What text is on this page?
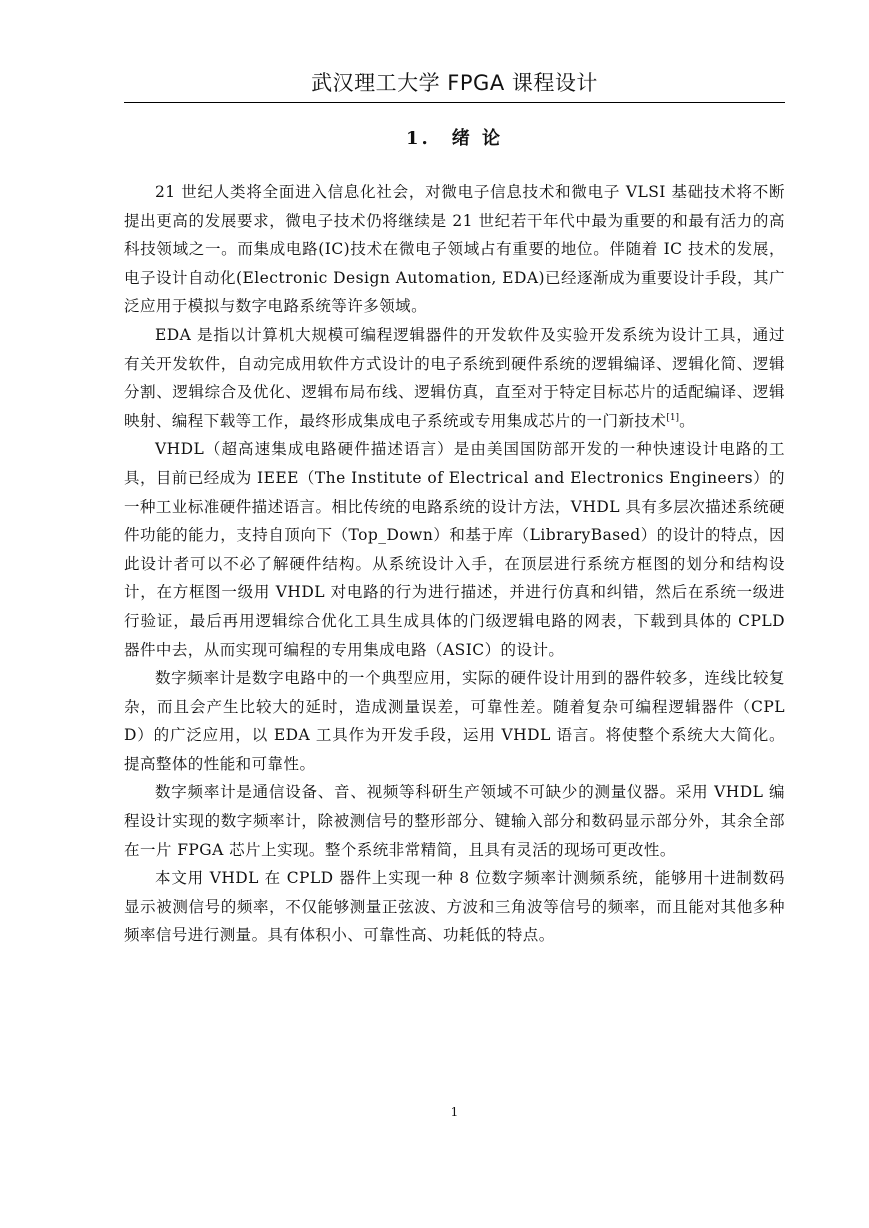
武汉理工大学 FPGA 课程设计
1.　绪 论

21 世纪人类将全面进入信息化社会，对微电子信息技术和微电子 VLSI 基础技术将不断提出更高的发展要求，微电子技术仍将继续是 21 世纪若干年代中最为重要的和最有活力的高科技领域之一。而集成电路(IC)技术在微电子领域占有重要的地位。伴随着 IC 技术的发展，电子设计自动化(Electronic Design Automation, EDA)已经逐渐成为重要设计手段，其广泛应用于模拟与数字电路系统等许多领域。

EDA 是指以计算机大规模可编程逻辑器件的开发软件及实验开发系统为设计工具，通过有关开发软件，自动完成用软件方式设计的电子系统到硬件系统的逻辑编译、逻辑化简、逻辑分割、逻辑综合及优化、逻辑布局布线、逻辑仿真，直至对于特定目标芯片的适配编译、逻辑映射、编程下载等工作，最终形成集成电子系统或专用集成芯片的一门新技术[1]。

VHDL（超高速集成电路硬件描述语言）是由美国国防部开发的一种快速设计电路的工具，目前已经成为 IEEE（The Institute of Electrical and Electronics Engineers）的一种工业标准硬件描述语言。相比传统的电路系统的设计方法，VHDL 具有多层次描述系统硬件功能的能力，支持自顶向下（Top_Down）和基于库（LibraryBased）的设计的特点，因此设计者可以不必了解硬件结构。从系统设计入手，在顶层进行系统方框图的划分和结构设计，在方框图一级用 VHDL 对电路的行为进行描述，并进行仿真和纠错，然后在系统一级进行验证，最后再用逻辑综合优化工具生成具体的门级逻辑电路的网表，下载到具体的 CPLD 器件中去，从而实现可编程的专用集成电路（ASIC）的设计。

数字频率计是数字电路中的一个典型应用，实际的硬件设计用到的器件较多，连线比较复杂，而且会产生比较大的延时，造成测量误差，可靠性差。随着复杂可编程逻辑器件（CPLD）的广泛应用，以 EDA 工具作为开发手段，运用 VHDL 语言。将使整个系统大大简化。提高整体的性能和可靠性。

数字频率计是通信设备、音、视频等科研生产领域不可缺少的测量仪器。采用 VHDL 编程设计实现的数字频率计，除被测信号的整形部分、键输入部分和数码显示部分外，其余全部在一片 FPGA 芯片上实现。整个系统非常精简，且具有灵活的现场可更改性。

本文用 VHDL 在 CPLD 器件上实现一种 8 位数字频率计测频系统，能够用十进制数码显示被测信号的频率，不仅能够测量正弦波、方波和三角波等信号的频率，而且能对其他多种频率信号进行测量。具有体积小、可靠性高、功耗低的特点。

1
